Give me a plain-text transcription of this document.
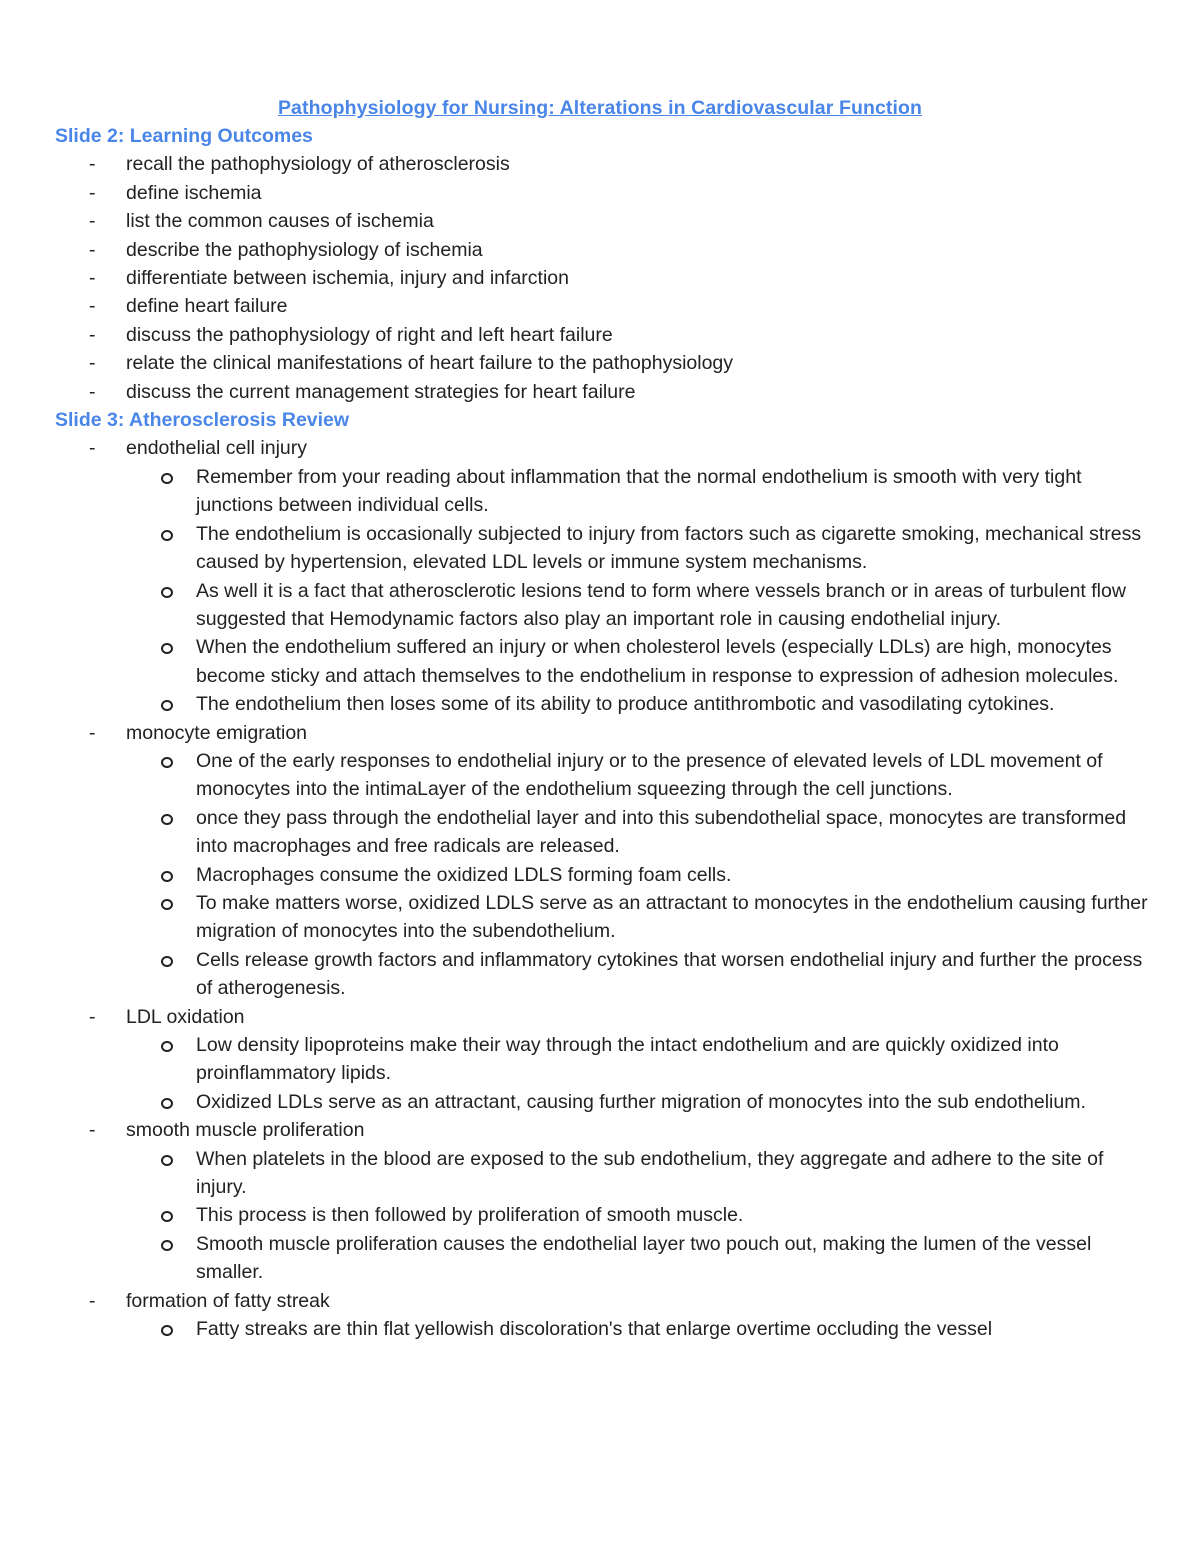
Pathophysiology for Nursing: Alterations in Cardiovascular Function
Slide 2: Learning Outcomes
- recall the pathophysiology of atherosclerosis
- define ischemia
- list the common causes of ischemia
- describe the pathophysiology of ischemia
- differentiate between ischemia, injury and infarction
- define heart failure
- discuss the pathophysiology of right and left heart failure
- relate the clinical manifestations of heart failure to the pathophysiology
- discuss the current management strategies for heart failure
Slide 3: Atherosclerosis Review
- endothelial cell injury
Remember from your reading about inflammation that the normal endothelium is smooth with very tight junctions between individual cells.
The endothelium is occasionally subjected to injury from factors such as cigarette smoking, mechanical stress caused by hypertension, elevated LDL levels or immune system mechanisms.
As well it is a fact that atherosclerotic lesions tend to form where vessels branch or in areas of turbulent flow suggested that Hemodynamic factors also play an important role in causing endothelial injury.
When the endothelium suffered an injury or when cholesterol levels (especially LDLs) are high, monocytes become sticky and attach themselves to the endothelium in response to expression of adhesion molecules.
The endothelium then loses some of its ability to produce antithrombotic and vasodilating cytokines.
- monocyte emigration
One of the early responses to endothelial injury or to the presence of elevated levels of LDL movement of monocytes into the intimaLayer of the endothelium squeezing through the cell junctions.
once they pass through the endothelial layer and into this subendothelial space, monocytes are transformed into macrophages and free radicals are released.
Macrophages consume the oxidized LDLS forming foam cells.
To make matters worse, oxidized LDLS serve as an attractant to monocytes in the endothelium causing further migration of monocytes into the subendothelium.
Cells release growth factors and inflammatory cytokines that worsen endothelial injury and further the process of atherogenesis.
- LDL oxidation
Low density lipoproteins make their way through the intact endothelium and are quickly oxidized into proinflammatory lipids.
Oxidized LDLs serve as an attractant, causing further migration of monocytes into the sub endothelium.
- smooth muscle proliferation
When platelets in the blood are exposed to the sub endothelium, they aggregate and adhere to the site of injury.
This process is then followed by proliferation of smooth muscle.
Smooth muscle proliferation causes the endothelial layer two pouch out, making the lumen of the vessel smaller.
- formation of fatty streak
Fatty streaks are thin flat yellowish discoloration's that enlarge overtime occluding the vessel
